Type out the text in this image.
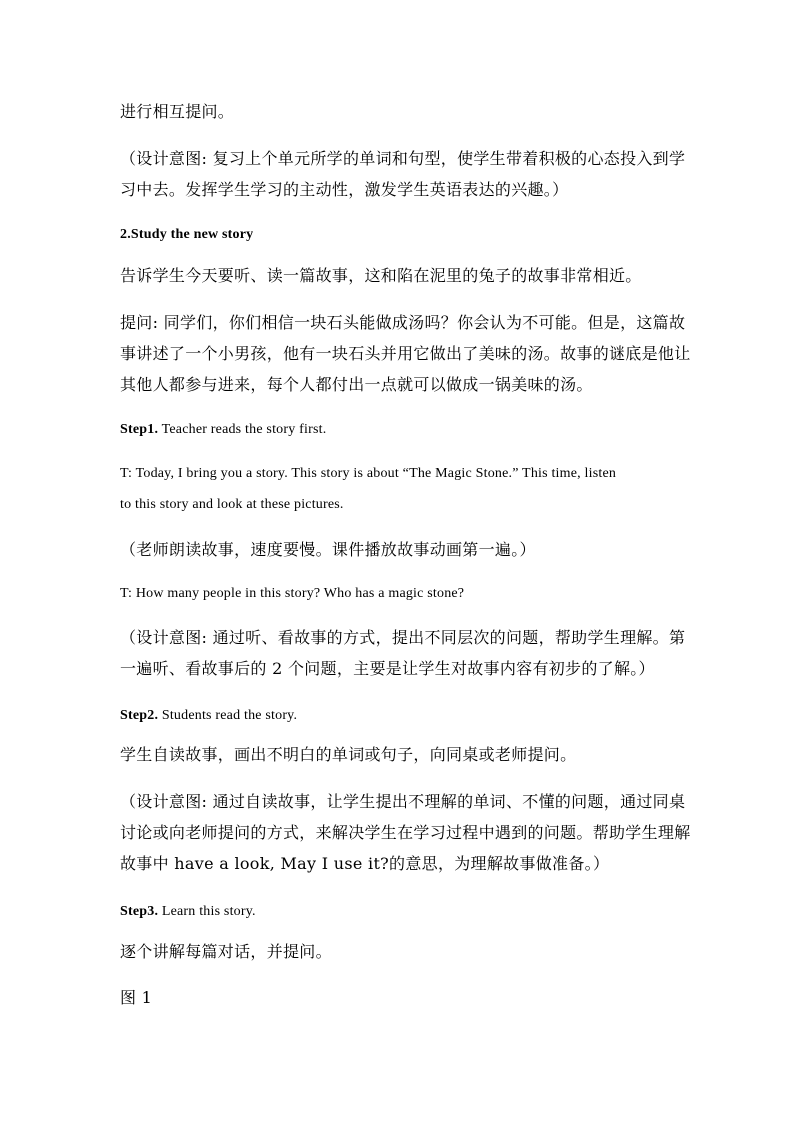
进行相互提问。
（设计意图: 复习上个单元所学的单词和句型，使学生带着积极的心态投入到学
习中去。发挥学生学习的主动性，激发学生英语表达的兴趣。）
2.Study the new story
告诉学生今天要听、读一篇故事，这和陷在泥里的兔子的故事非常相近。
提问: 同学们，你们相信一块石头能做成汤吗？你会认为不可能。但是，这篇故
事讲述了一个小男孩，他有一块石头并用它做出了美味的汤。故事的谜底是他让
其他人都参与进来，每个人都付出一点就可以做成一锅美味的汤。
Step1. Teacher reads the story first.
T: Today, I bring you a story. This story is about “The Magic Stone.” This time, listen
to this story and look at these pictures.
（老师朗读故事，速度要慢。课件播放故事动画第一遍。）
T: How many people in this story? Who has a magic stone?
（设计意图: 通过听、看故事的方式，提出不同层次的问题，帮助学生理解。第
一遍听、看故事后的 2 个问题，主要是让学生对故事内容有初步的了解。）
Step2. Students read the story.
学生自读故事，画出不明白的单词或句子，向同桌或老师提问。
（设计意图: 通过自读故事，让学生提出不理解的单词、不懂的问题，通过同桌
讨论或向老师提问的方式，来解决学生在学习过程中遇到的问题。帮助学生理解
故事中 have a look, May I use it?的意思，为理解故事做准备。）
Step3. Learn this story.
逐个讲解每篇对话，并提问。
图 1
